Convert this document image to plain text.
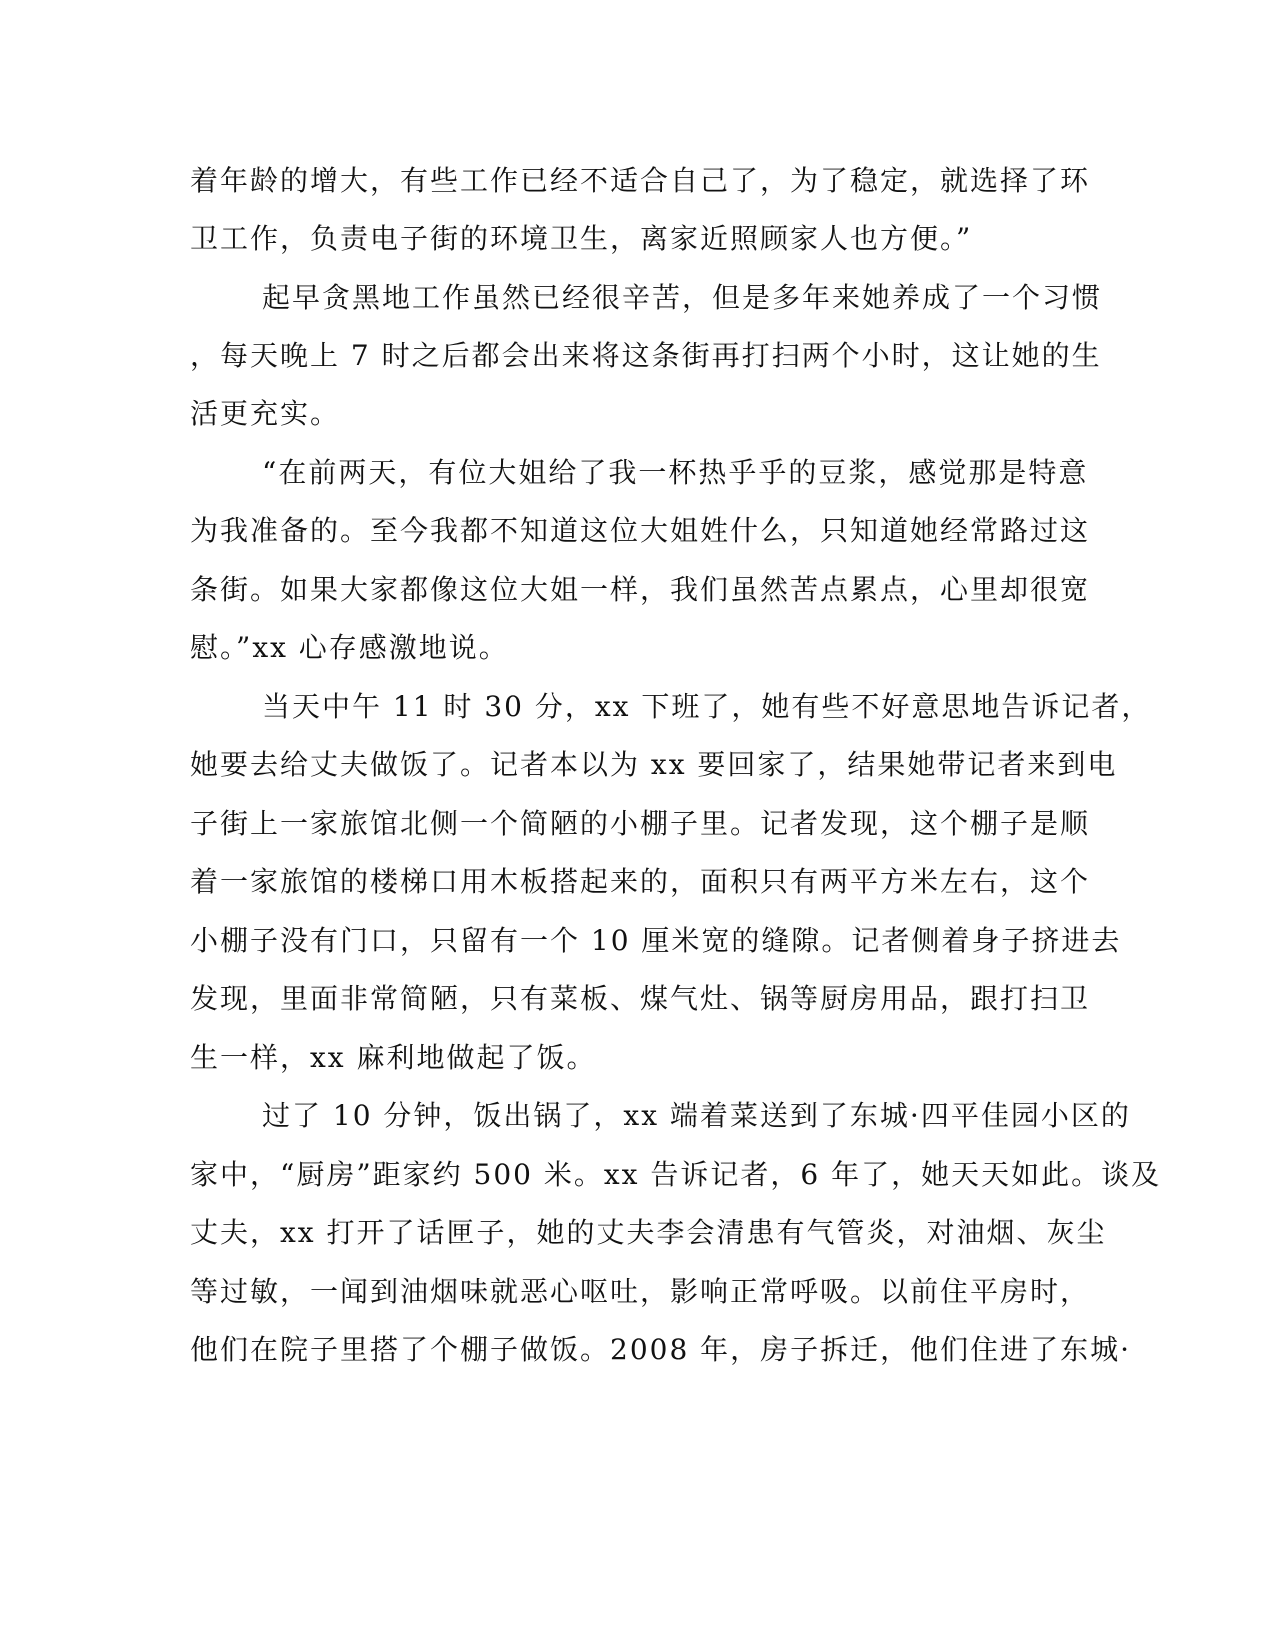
着年龄的增大，有些工作已经不适合自己了，为了稳定，就选择了环
卫工作，负责电子街的环境卫生，离家近照顾家人也方便。”
起早贪黑地工作虽然已经很辛苦，但是多年来她养成了一个习惯
，每天晚上 7 时之后都会出来将这条街再打扫两个小时，这让她的生
活更充实。
“在前两天，有位大姐给了我一杯热乎乎的豆浆，感觉那是特意
为我准备的。至今我都不知道这位大姐姓什么，只知道她经常路过这
条街。如果大家都像这位大姐一样，我们虽然苦点累点，心里却很宽
慰。”xx 心存感激地说。
当天中午 11 时 30 分，xx 下班了，她有些不好意思地告诉记者，
她要去给丈夫做饭了。记者本以为 xx 要回家了，结果她带记者来到电
子街上一家旅馆北侧一个简陋的小棚子里。记者发现，这个棚子是顺
着一家旅馆的楼梯口用木板搭起来的，面积只有两平方米左右，这个
小棚子没有门口，只留有一个 10 厘米宽的缝隙。记者侧着身子挤进去
发现，里面非常简陋，只有菜板、煤气灶、锅等厨房用品，跟打扫卫
生一样，xx 麻利地做起了饭。
过了 10 分钟，饭出锅了，xx 端着菜送到了东城·四平佳园小区的
家中，“厨房”距家约 500 米。xx 告诉记者，6 年了，她天天如此。谈及
丈夫，xx 打开了话匣子，她的丈夫李会清患有气管炎，对油烟、灰尘
等过敏，一闻到油烟味就恶心呕吐，影响正常呼吸。以前住平房时，
他们在院子里搭了个棚子做饭。2008 年，房子拆迁，他们住进了东城·
